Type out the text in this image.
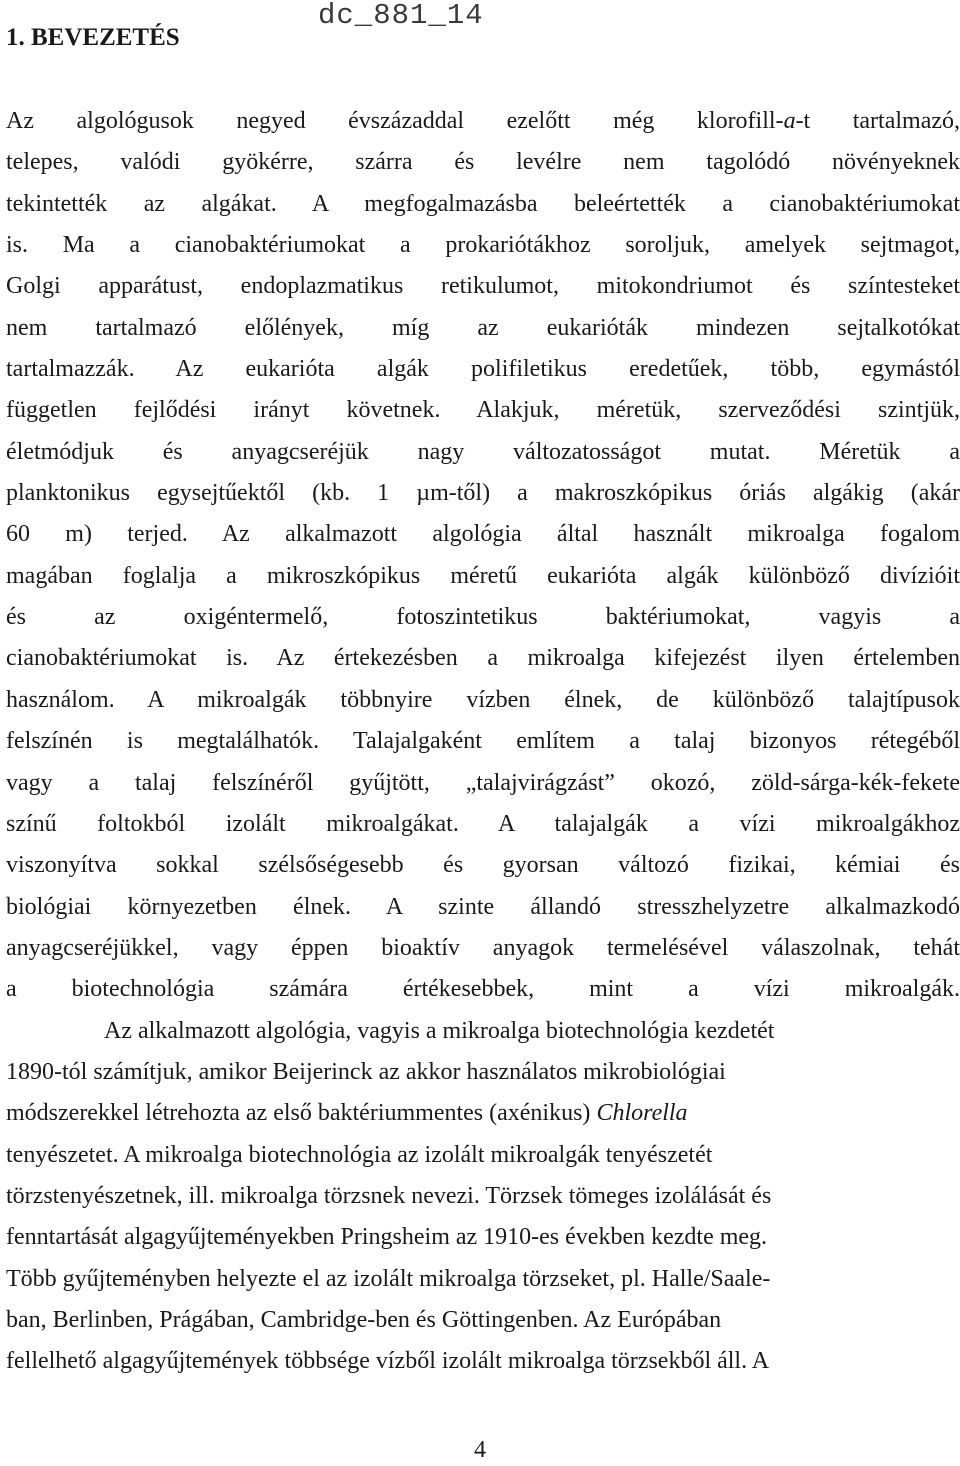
dc_881_14
1. BEVEZETÉS

Az algológusok negyed évszázaddal ezelőtt még klorofill-a-t tartalmazó,
telepes, valódi gyökérre, szárra és levélre nem tagolódó növényeknek
tekintették az algákat. A megfogalmazásba beleértették a cianobaktériumokat
is. Ma a cianobaktériumokat a prokariótákhoz soroljuk, amelyek sejtmagot,
Golgi apparátust, endoplazmatikus retikulumot, mitokondriumot és színtesteket
nem tartalmazó előlények, míg az eukarióták mindezen sejtalkotókat
tartalmazzák. Az eukarióta algák polifiletikus eredetűek, több, egymástól
független fejlődési irányt követnek. Alakjuk, méretük, szerveződési szintjük,
életmódjuk és anyagcseréjük nagy változatosságot mutat. Méretük a
planktonikus egysejtűektől (kb. 1 µm-től) a makroszkópikus óriás algákig (akár
60 m) terjed. Az alkalmazott algológia által használt mikroalga fogalom
magában foglalja a mikroszkópikus méretű eukarióta algák különböző divízióit
és az oxigéntermelő, fotoszintetikus baktériumokat, vagyis a
cianobaktériumokat is. Az értekezésben a mikroalga kifejezést ilyen értelemben
használom. A mikroalgák többnyire vízben élnek, de különböző talajtípusok
felszínén is megtalálhatók. Talajalgaként említem a talaj bizonyos rétegéből
vagy a talaj felszínéről gyűjtött, „talajvirágzást” okozó, zöld-sárga-kék-fekete
színű foltokból izolált mikroalgákat. A talajalgák a vízi mikroalgákhoz
viszonyítva sokkal szélsőségesebb és gyorsan változó fizikai, kémiai és
biológiai környezetben élnek. A szinte állandó stresszhelyzetre alkalmazkodó
anyagcseréjükkel, vagy éppen bioaktív anyagok termelésével válaszolnak, tehát
a biotechnológia számára értékesebbek, mint a vízi mikroalgák.

Az alkalmazott algológia, vagyis a mikroalga biotechnológia kezdetét
1890-tól számítjuk, amikor Beijerinck az akkor használatos mikrobiológiai
módszerekkel létrehozta az első baktériummentes (axénikus) Chlorella
tenyészetet. A mikroalga biotechnológia az izolált mikroalgák tenyészetét
törzstenyészetnek, ill. mikroalga törzsnek nevezi. Törzsek tömeges izolálását és
fenntartását algagyűjteményekben Pringsheim az 1910-es években kezdte meg.
Több gyűjteményben helyezte el az izolált mikroalga törzseket, pl. Halle/Saale-
ban, Berlinben, Prágában, Cambridge-ben és Göttingenben. Az Európában
fellelhető algagyűjtemények többsége vízből izolált mikroalga törzsekből áll. A

4
